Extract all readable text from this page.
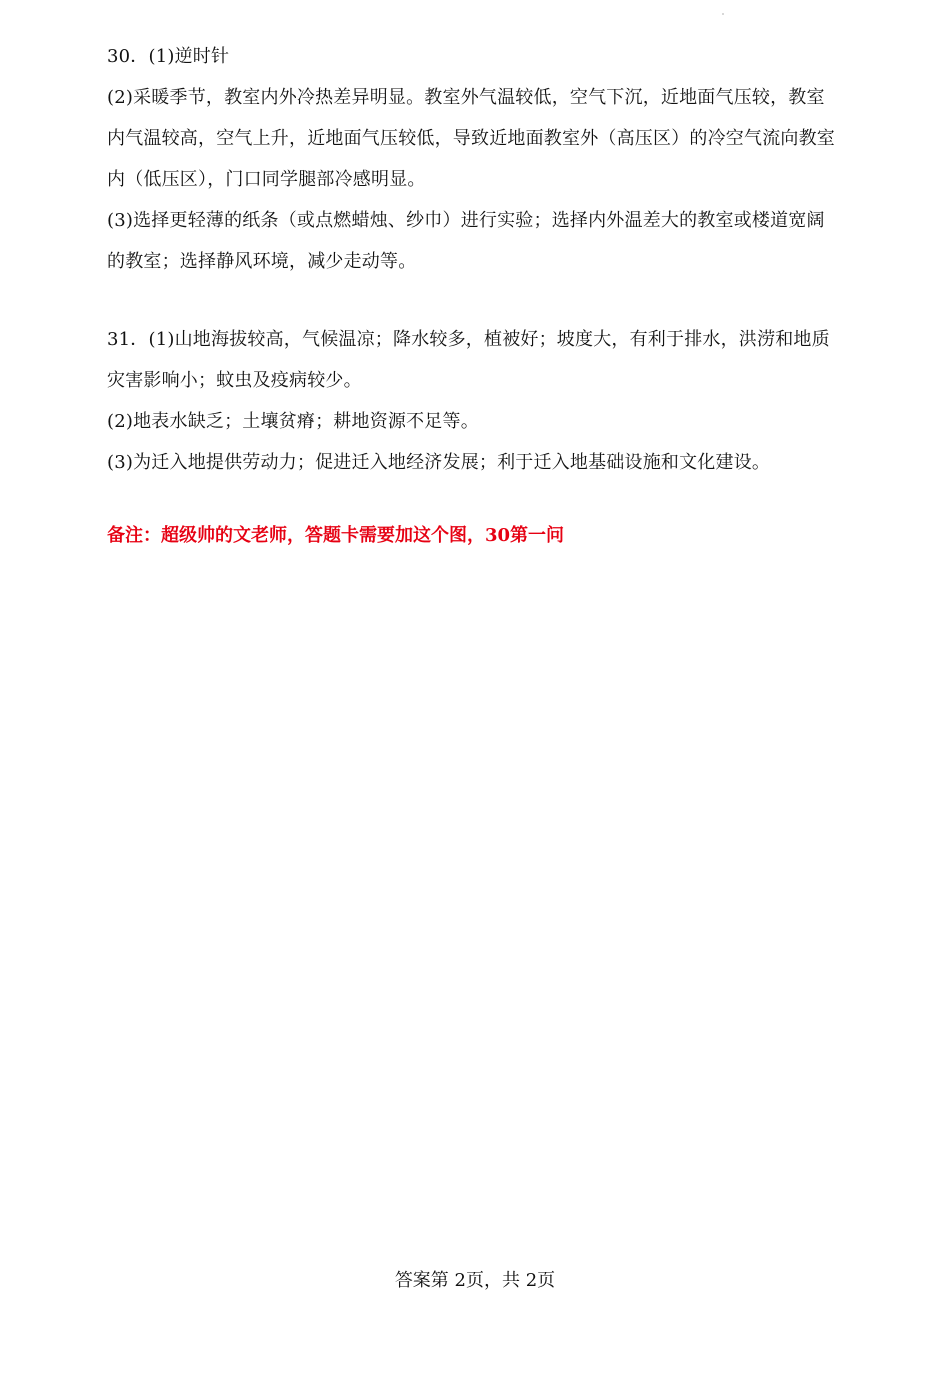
30．(1)逆时针
(2)采暖季节，教室内外冷热差异明显。教室外气温较低，空气下沉，近地面气压较，教室
内气温较高，空气上升，近地面气压较低，导致近地面教室外（高压区）的冷空气流向教室
内（低压区），门口同学腿部冷感明显。
(3)选择更轻薄的纸条（或点燃蜡烛、纱巾）进行实验；选择内外温差大的教室或楼道宽阔
的教室；选择静风环境，减少走动等。
31．(1)山地海拔较高，气候温凉；降水较多，植被好；坡度大，有利于排水，洪涝和地质
灾害影响小；蚊虫及疫病较少。
(2)地表水缺乏；土壤贫瘠；耕地资源不足等。
(3)为迁入地提供劳动力；促进迁入地经济发展；利于迁入地基础设施和文化建设。
备注：超级帅的文老师，答题卡需要加这个图，30第一问
答案第 2页，共 2页
